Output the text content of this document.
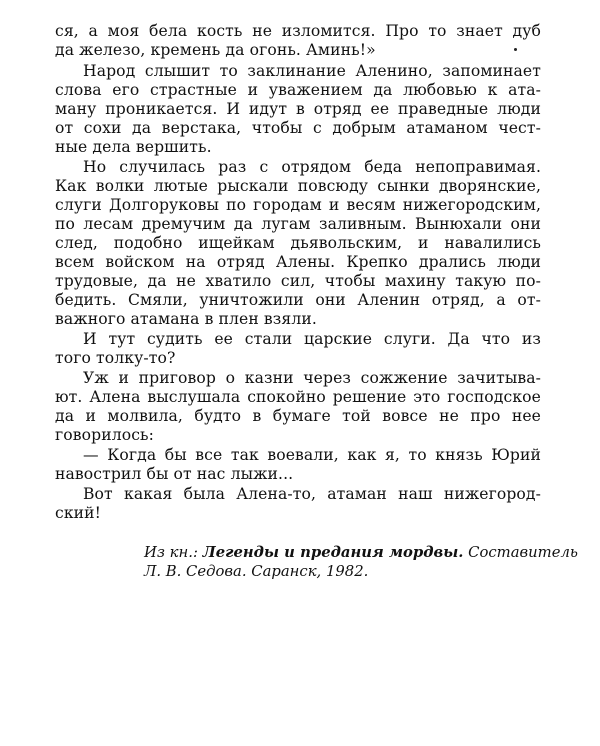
ся, а моя бела кость не изломится. Про то знает дуб

да железо, кремень да огонь. Аминь!»

Народ слышит то заклинание Аленино, запоминает

слова его страстные и уважением да любовью к ата-

ману проникается. И идут в отряд ее праведные люди

от сохи да верстака, чтобы с добрым атаманом чест-

ные дела вершить.

Но случилась раз с отрядом беда непоправимая.

Как волки лютые рыскали повсюду сынки дворянские,

слуги Долгоруковы по городам и весям нижегородским,

по лесам дремучим да лугам заливным. Вынюхали они

след, подобно ищейкам дьявольским, и навалились

всем войском на отряд Алены. Крепко дрались люди

трудовые, да не хватило сил, чтобы махину такую по-

бедить. Смяли, уничтожили они Аленин отряд, а от-

важного атамана в плен взяли.

И тут судить ее стали царские слуги. Да что из

того толку-то?

Уж и приговор о казни через сожжение зачитыва-

ют. Алена выслушала спокойно решение это господское

да и молвила, будто в бумаге той вовсе не про нее

говорилось:

— Когда бы все так воевали, как я, то князь Юрий

навострил бы от нас лыжи...

Вот какая была Алена-то, атаман наш нижегород-

ский!

Из кн.: Легенды и предания мордвы. Составитель

Л. В. Седова. Саранск, 1982.
